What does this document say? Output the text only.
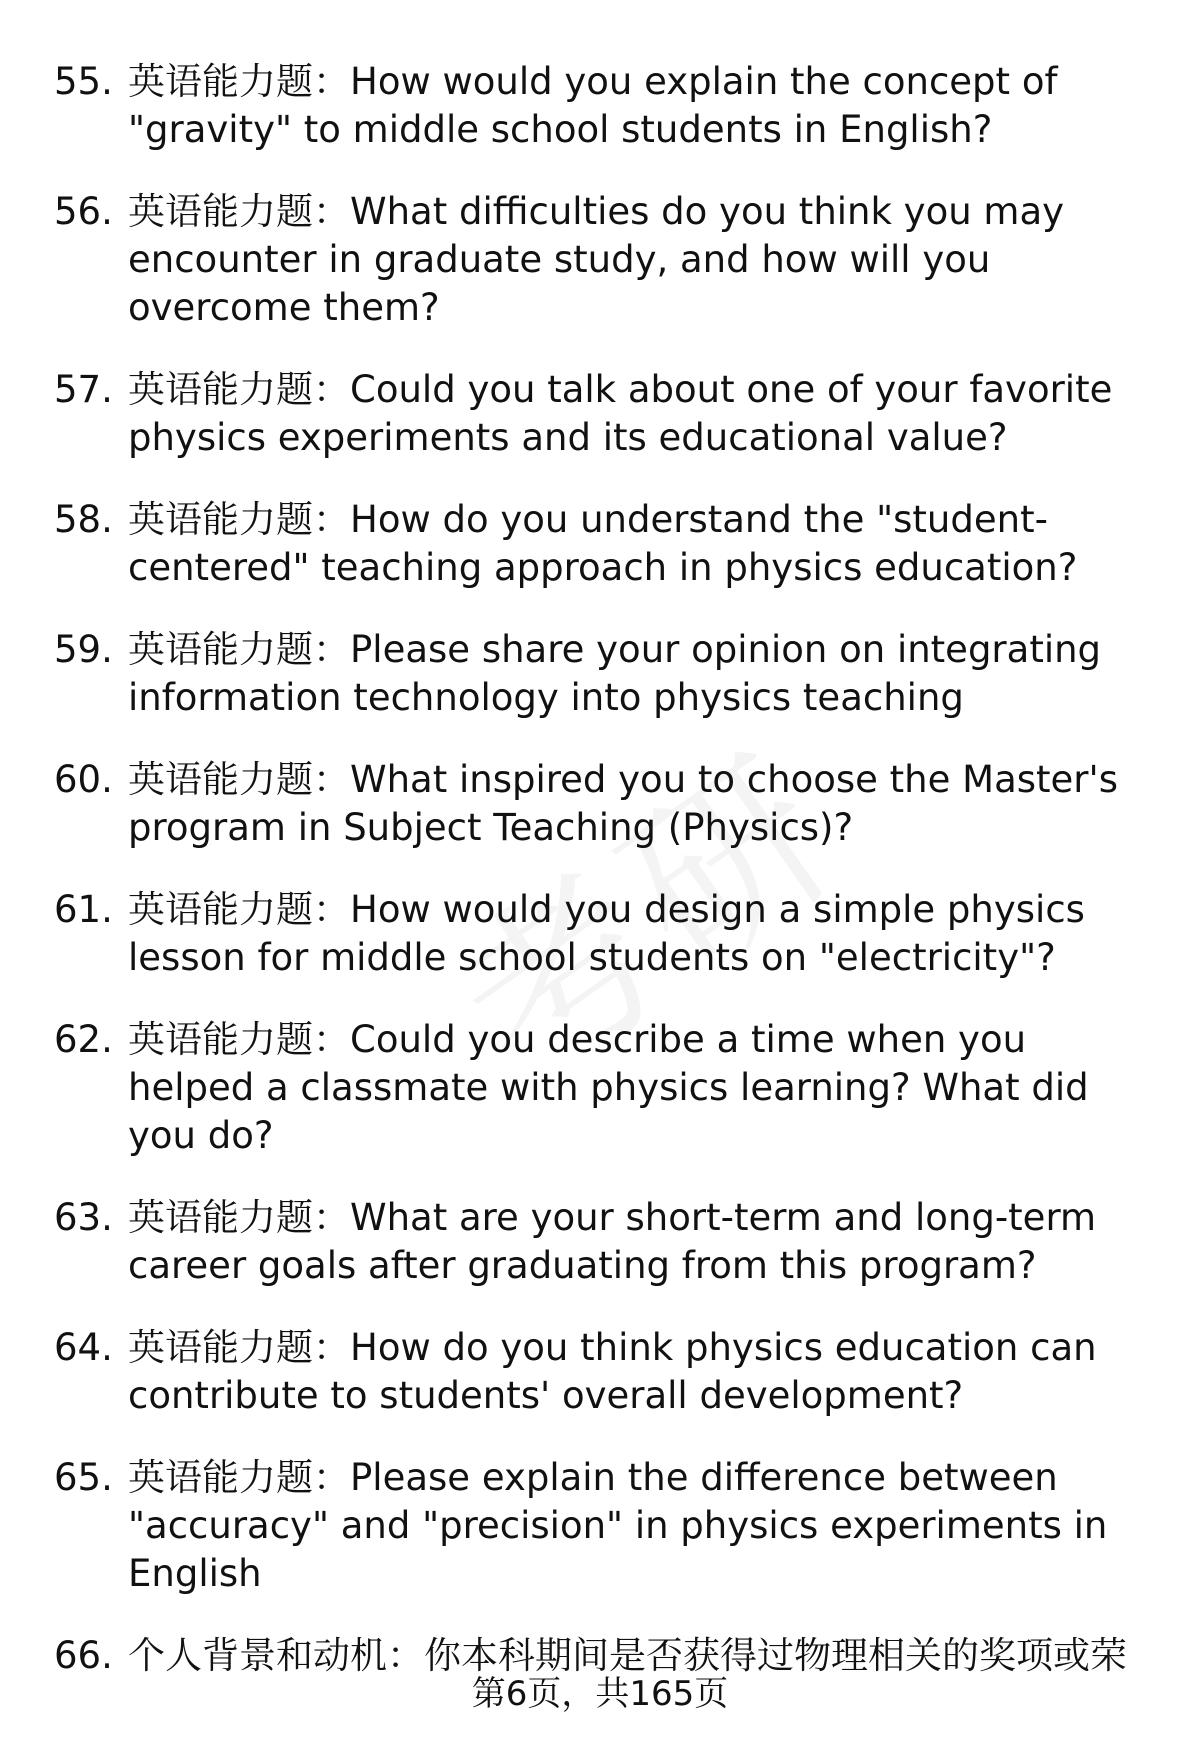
55. 英语能力题：How would you explain the concept of "gravity" to middle school students in English?
56. 英语能力题：What difficulties do you think you may encounter in graduate study, and how will you overcome them?
57. 英语能力题：Could you talk about one of your favorite physics experiments and its educational value?
58. 英语能力题：How do you understand the "student-centered" teaching approach in physics education?
59. 英语能力题：Please share your opinion on integrating information technology into physics teaching
60. 英语能力题：What inspired you to choose the Master's program in Subject Teaching (Physics)?
61. 英语能力题：How would you design a simple physics lesson for middle school students on "electricity"?
62. 英语能力题：Could you describe a time when you helped a classmate with physics learning? What did you do?
63. 英语能力题：What are your short-term and long-term career goals after graduating from this program?
64. 英语能力题：How do you think physics education can contribute to students' overall development?
65. 英语能力题：Please explain the difference between "accuracy" and "precision" in physics experiments in English
66. 个人背景和动机：你本科期间是否获得过物理相关的奖项或荣
第6页，共165页
